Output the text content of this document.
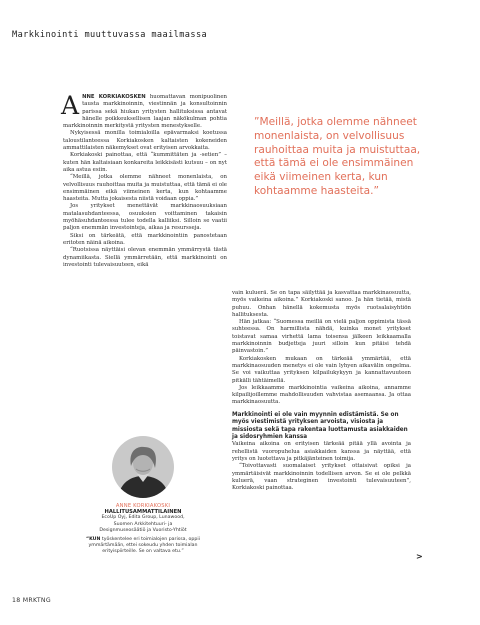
Markkinointi muuttuvassa maailmassa

ANNE KORKIAKOSKEN huomattavan monipuolinen tausta markkinoinnin, viestinnän ja konsultoinnin parissa sekä hiukan yritysten hallituksissa antavat hänelle poikkeuksellisen laajan näkökulman pohtia markkinoinnin merkitystä yritysten menestykselle.

Nykyisessä monilla toimialoilla epävarmaksi koetussa taloustilanteessa Korkiakosken kaltaisten kokeneiden ammattilaisten näkemykset ovat erityisen arvokkaita.

Korkiakoski painottaa, että “kummittäten ja -setien” – kuten hän kaltaisiaan konkareita leikkisästi kutsuu – on nyt aika astua esiin.

“Meillä, jotka olemme nähneet monenlaista, on velvollisuus rauhoittaa muita ja muistuttaa, että tämä ei ole ensimmäinen eikä viimeinen kerta, kun kohtaamme haasteita. Mutta jokaisesta niistä voidaan oppia.”

Jos yritykset menettävät markkinaosuuksiaan matalasuhdanteessa, osuuksien voittaminen takaisin myöhäsuhdanteessa tulee todella kalliiksi. Silloin se vaatii paljon enemmän investointeja, aikaa ja resursseja.

Siksi on tärkeätä, että markkinointiin panostetaan eritoten näinä aikoina.

“Ruotsissa näyttäisi olevan enemmän ymmärrystä tästä dynamiikasta. Siellä ymmärretään, että markkinointi on investointi tulevaisuuteen, eikä

”Meillä, jotka olemme nähneet monenlaista, on velvollisuus rauhoittaa muita ja muistuttaa, että tämä ei ole ensimmäinen eikä viimeinen kerta, kun kohtaamme haasteita.”

vain kuluerä. Se on tapa säilyttää ja kasvattaa markkinaosuutta, myös vaikeina aikoina.” Korkiakoski sanoo. Ja hän tietää, mistä puhuu. Onhan hänellä kokemusta myös ruotsalaisyhtiön hallituksesta.

Hän jatkaa: “Suomessa meillä on vielä paljon oppimista tässä suhteessa. On harmillista nähdä, kuinka monet yritykset toistavat samaa virhettä lama toisensa jälkeen leikkaamalla markkinoinnin budjetteja juuri silloin kun pitäisi tehdä päinvastoin.”

Korkiakosken mukaan on tärkeää ymmärtää, että markkinaosuuden menetys ei ole vain lyhyen aikavälin ongelma. Se voi vaikuttaa yrityksen kilpailukykyyn ja kannattavuuteen pitkälli tähtäimellä.

Jos leikkaamme markkinointia vaikeina aikoina, annamme kilpailijoillemme mahdollisuuden vahvistaa asemaansa. Ja ottaa markkinaosuutta.

Markkinointi ei ole vain myynnin edistämistä. Se on myös viestimistä yrityksen arvoista, visiosta ja missiosta sekä tapa rakentaa luottamusta asiakkaiden ja sidosryhmien kanssa

Vaikeina aikoina on erityisen tärkeää pitää yllä avointa ja rehellistä vuoropuhelua asiakkaiden kanssa ja näyttää, että yritys on luotettava ja pitkäjänteinen toimija.

“Toivottavasti suomalaiset yritykset ottaisivat opiksi ja ymmärtäisivät markkinoinnin todellisen arvon. Se ei ole pelkkä kuluerä, vaan strateginen investointi tulevaisuuteen”, Korkiakoski painottaa.

ANNE KORKIAKOSKI
HALLITUSAMMATTILAINEN
EcoUp Oyj, Edita Group, Lunawood,
Suomen Arkkitehtuuri- ja
Designmuseosäätiö ja Vuoristo-Yhtiöt
“KUN työskentelee eri toimialojen parissa, oppii ymmärtämään, ettei sokeudu yhden toimialan erityispiirteille. Se on valtava etu.”
>
18 MRKTNG
